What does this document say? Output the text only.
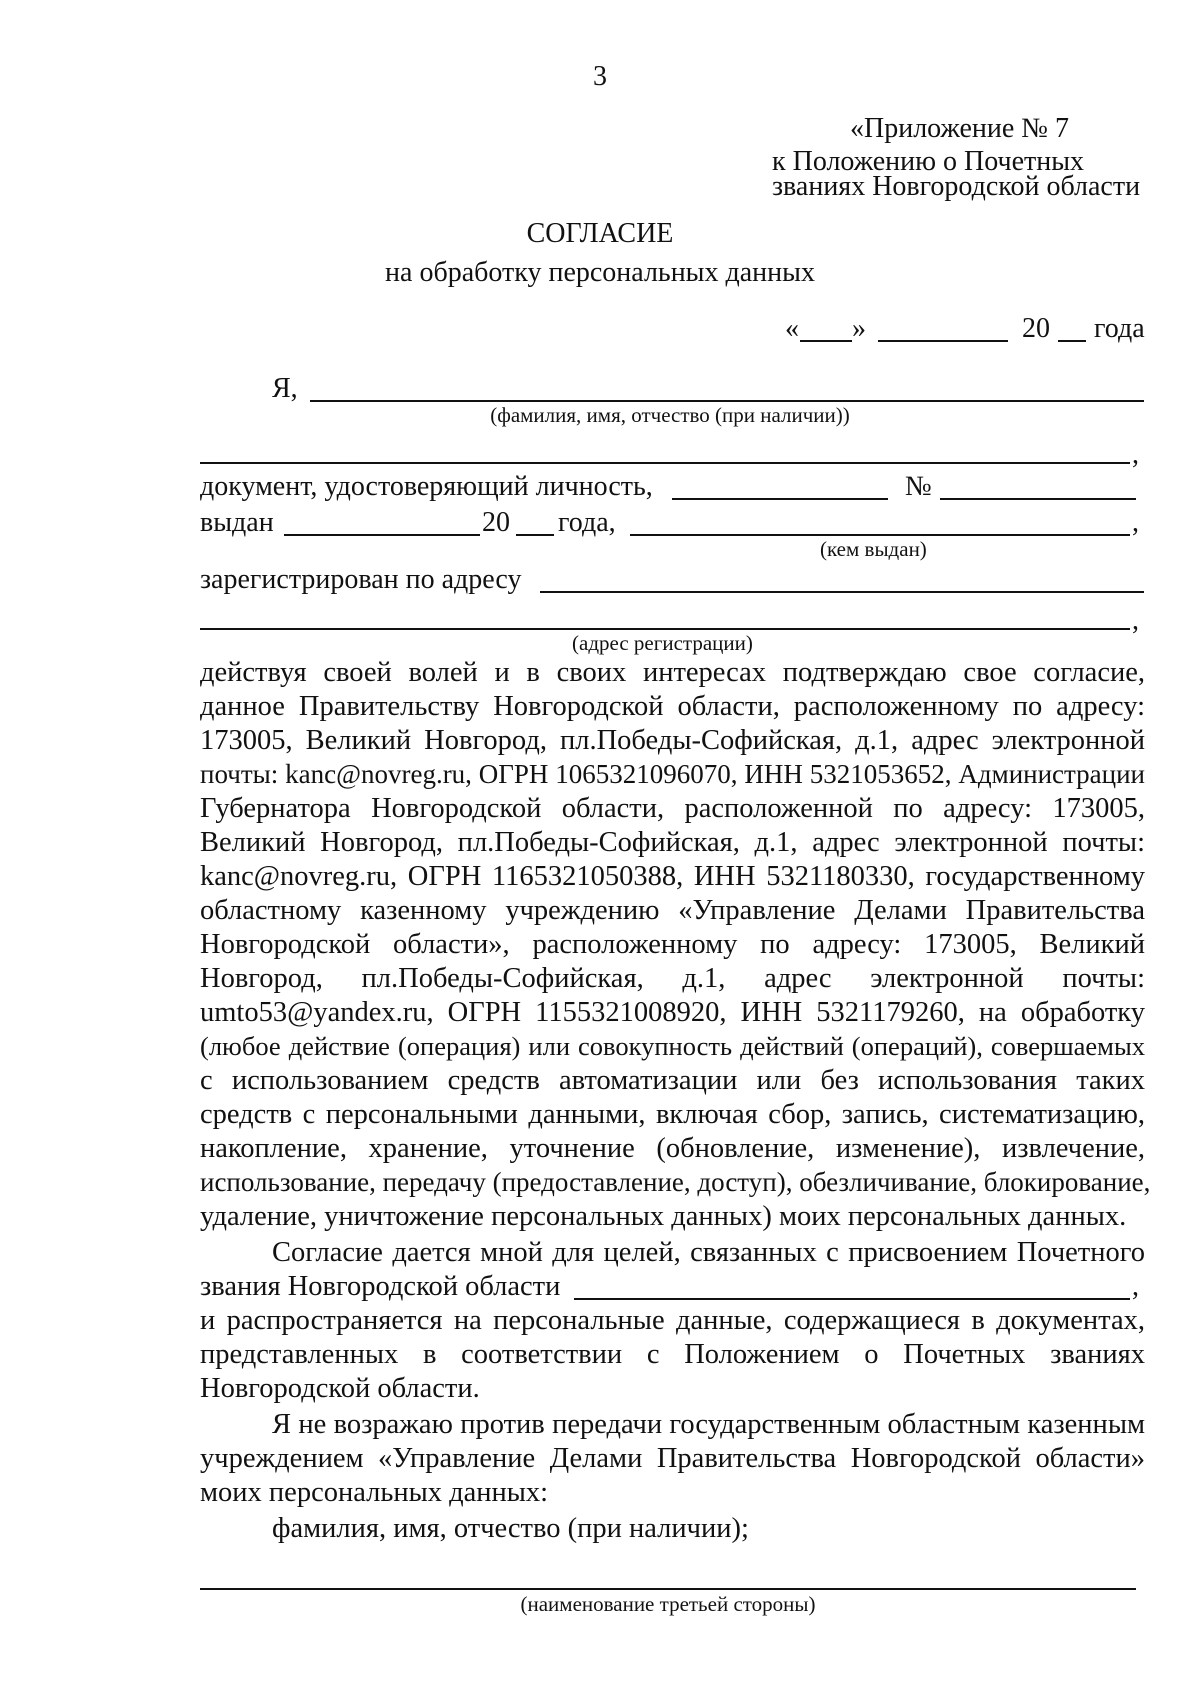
3
«Приложение № 7
к Положению о Почетных
званиях Новгородской области
СОГЛАСИЕ
на обработку персональных данных
« »	20 года
Я,
(фамилия, имя, отчество (при наличии))
,
документ, удостоверяющий личность,	№
выдан	20 года,	,
(кем выдан)
зарегистрирован по адресу
,
(адрес регистрации)
действуя своей волей и в своих интересах подтверждаю свое согласие,
данное Правительству Новгородской области, расположенному по адресу:
173005, Великий Новгород, пл.Победы-Софийская, д.1, адрес электронной
почты: kanc@novreg.ru, ОГРН 1065321096070, ИНН 5321053652, Администрации
Губернатора Новгородской области, расположенной по адресу: 173005,
Великий Новгород, пл.Победы-Софийская, д.1, адрес электронной почты:
kanc@novreg.ru, ОГРН 1165321050388, ИНН 5321180330, государственному
областному казенному учреждению «Управление Делами Правительства
Новгородской области», расположенному по адресу: 173005, Великий
Новгород, пл.Победы-Софийская, д.1, адрес электронной почты:
umto53@yandex.ru, ОГРН 1155321008920, ИНН 5321179260, на обработку
(любое действие (операция) или совокупность действий (операций), совершаемых
с использованием средств автоматизации или без использования таких
средств с персональными данными, включая сбор, запись, систематизацию,
накопление, хранение, уточнение (обновление, изменение), извлечение,
использование, передачу (предоставление, доступ), обезличивание, блокирование,
удаление, уничтожение персональных данных) моих персональных данных.
Согласие дается мной для целей, связанных с присвоением Почетного
звания Новгородской области	,
и распространяется на персональные данные, содержащиеся в документах,
представленных в соответствии с Положением о Почетных званиях
Новгородской области.
Я не возражаю против передачи государственным областным казенным
учреждением «Управление Делами Правительства Новгородской области»
моих персональных данных:
фамилия, имя, отчество (при наличии);
(наименование третьей стороны)
